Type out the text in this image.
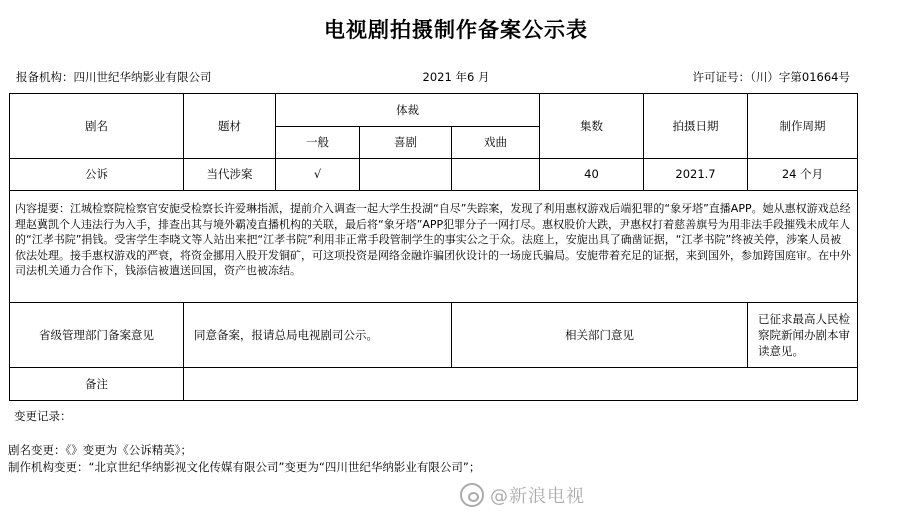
电视剧拍摄制作备案公示表
报备机构：四川世纪华纳影业有限公司	2021 年6 月	许可证号：（川）字第01664号
剧名	题材	体裁			集数	拍摄日期	制作周期
		一般	喜剧	戏曲			
公诉	当代涉案	√			40	2021.7	24 个月
内容提要：江城检察院检察官安旎受检察长许爱琳指派，提前介入调查一起大学生投湖“自尽”失踪案，发现了利用惠权游戏后端犯罪的“象牙塔”直播APP。她从惠权游戏总经理赵冀凯个人违法行为入手，排查出其与境外霸凌直播机构的关联，最后将“象牙塔”APP犯罪分子一网打尽。惠权股价大跌，尹惠权打着慈善旗号为用非法手段摧残未成年人的“江孝书院”捐钱。受害学生李晓文等人站出来把“江孝书院”利用非正常手段管制学生的事实公之于众。法庭上，安旎出具了确凿证据，“江孝书院”终被关停，涉案人员被依法处理。接手惠权游戏的严衰，将资金挪用入股开发铜矿，可这项投资是网络金融诈骗团伙设计的一场庞氏骗局。安旎带着充足的证据，来到国外，参加跨国庭审。在中外司法机关通力合作下，钱添信被遣送回国，资产也被冻结。							
省级管理部门备案意见	同意备案，报请总局电视剧司公示。			相关部门意见			已征求最高人民检察院新闻办剧本审读意见。
备注							
变更记录：
剧名变更：《》变更为《公诉精英》；
制作机构变更：“北京世纪华纳影视文化传媒有限公司”变更为“四川世纪华纳影业有限公司”；
@新浪电视
